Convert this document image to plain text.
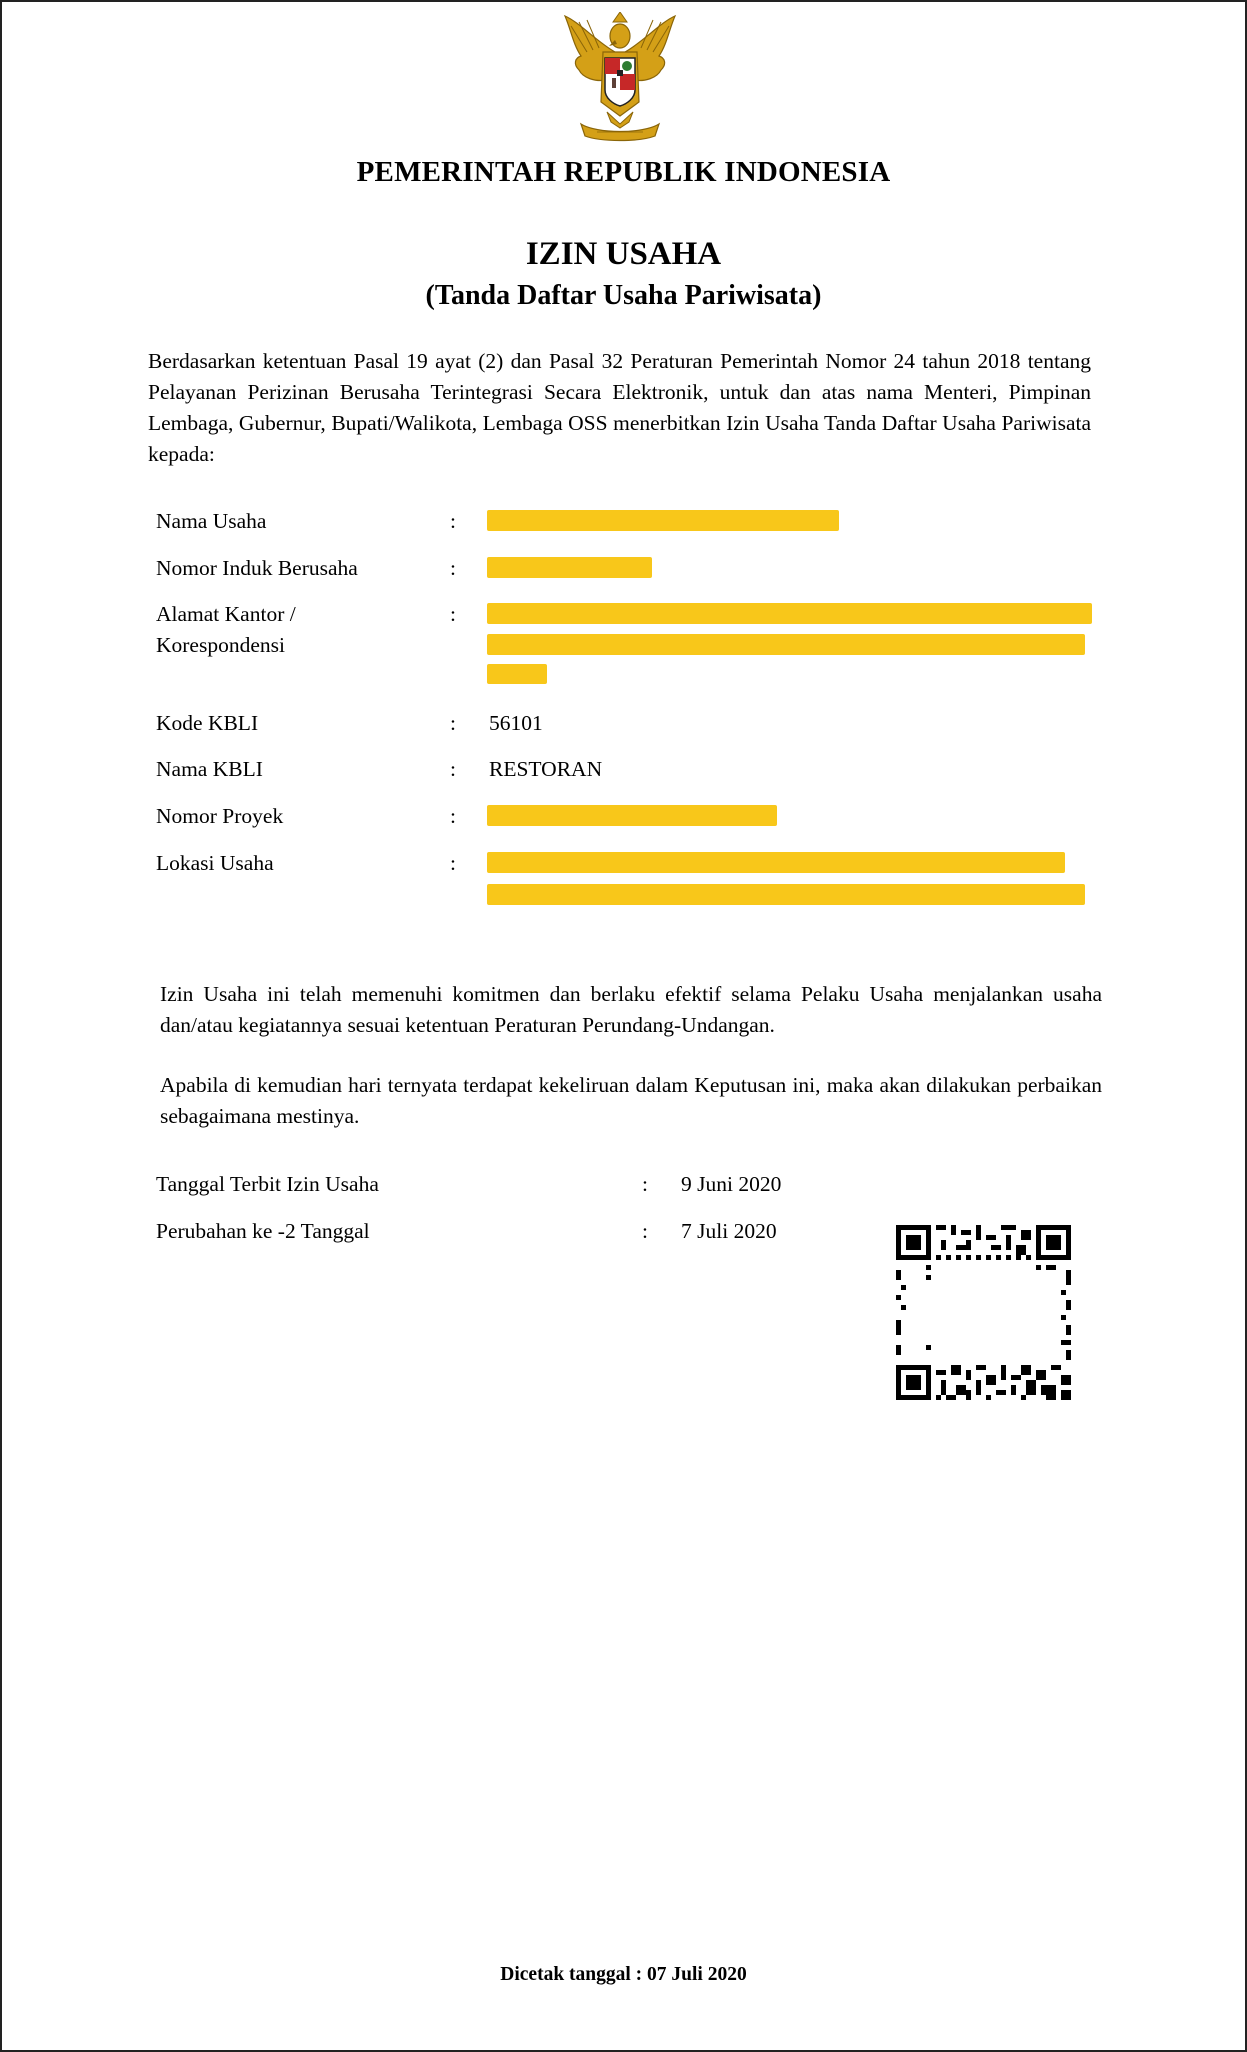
PEMERINTAH REPUBLIK INDONESIA
IZIN USAHA
(Tanda Daftar Usaha Pariwisata)
Berdasarkan ketentuan Pasal 19 ayat (2) dan Pasal 32 Peraturan Pemerintah Nomor 24 tahun 2018 tentang Pelayanan Perizinan Berusaha Terintegrasi Secara Elektronik, untuk dan atas nama Menteri, Pimpinan Lembaga, Gubernur, Bupati/Walikota, Lembaga OSS menerbitkan Izin Usaha Tanda Daftar Usaha Pariwisata kepada:
Nama Usaha	:
Nomor Induk Berusaha	:
Alamat Kantor /
Korespondensi
:
Kode KBLI	: 56101
Nama KBLI	: RESTORAN
Nomor Proyek	:
Lokasi Usaha	:
Izin Usaha ini telah memenuhi komitmen dan berlaku efektif selama Pelaku Usaha menjalankan usaha dan/atau kegiatannya sesuai ketentuan Peraturan Perundang-Undangan.
Apabila di kemudian hari ternyata terdapat kekeliruan dalam Keputusan ini, maka akan dilakukan perbaikan sebagaimana mestinya.
Tanggal Terbit Izin Usaha	: 9 Juni 2020
Perubahan ke -2 Tanggal	: 7 Juli 2020
Dicetak tanggal : 07 Juli 2020
